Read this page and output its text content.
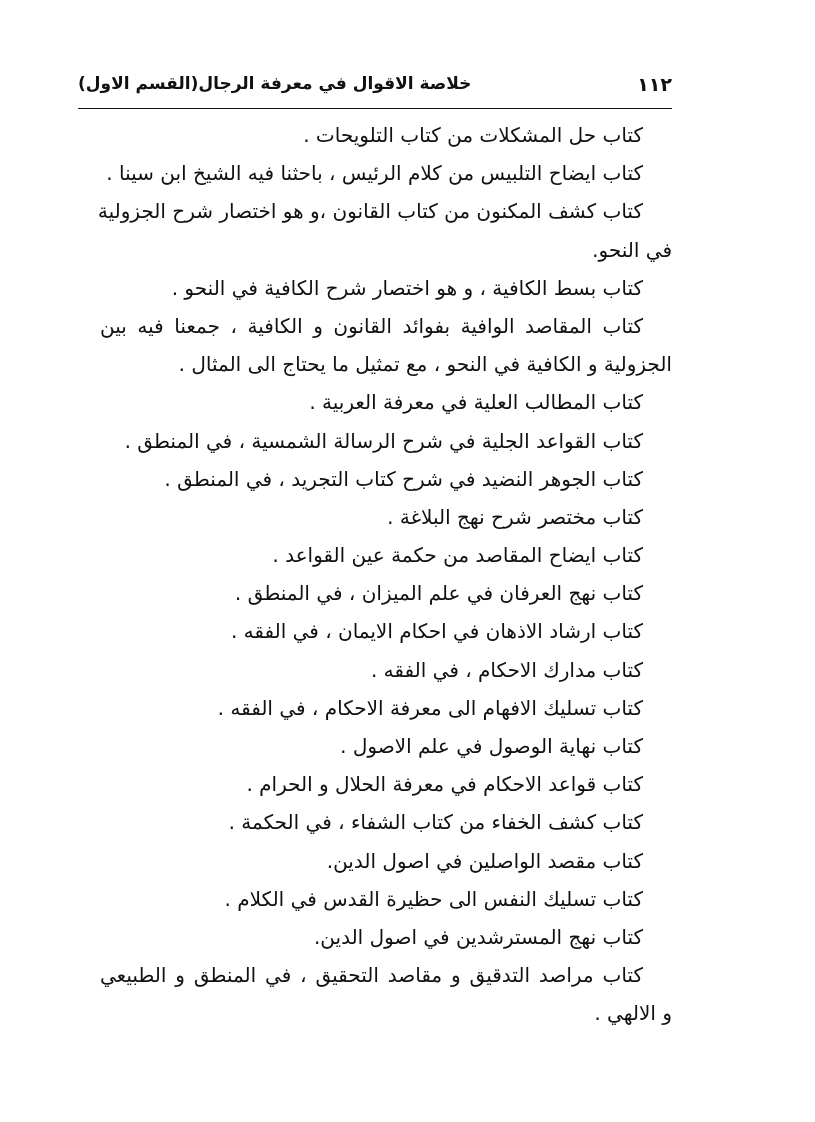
١١٢
خلاصة الاقوال في معرفة الرجال(القسم الاول)
كتاب حل المشكلات من كتاب التلويحات .
كتاب ايضاح التلبيس من كلام الرئيس ، باحثنا فيه الشيخ ابن سينا .
كتاب كشف المكنون من كتاب القانون ،و هو اختصار شرح الجزولية
في النحو.
كتاب بسط الكافية ، و هو اختصار شرح الكافية في النحو .
كتاب المقاصد الوافية بفوائد القانون و الكافية ، جمعنا فيه بين
الجزولية و الكافية في النحو ، مع تمثيل ما يحتاج الى المثال .
كتاب المطالب العلية في معرفة العربية .
كتاب القواعد الجلية في شرح الرسالة الشمسية ، في المنطق .
كتاب الجوهر النضيد في شرح كتاب التجريد ، في المنطق .
كتاب مختصر شرح نهج البلاغة .
كتاب ايضاح المقاصد من حكمة عين القواعد .
كتاب نهج العرفان في علم الميزان ، في المنطق .
كتاب ارشاد الاذهان في احكام الايمان ، في الفقه .
كتاب مدارك الاحكام ، في الفقه .
كتاب تسليك الافهام الى معرفة الاحكام ، في الفقه .
كتاب نهاية الوصول في علم الاصول .
كتاب قواعد الاحكام في معرفة الحلال و الحرام .
كتاب كشف الخفاء من كتاب الشفاء ، في الحكمة .
كتاب مقصد الواصلين في اصول الدين.
كتاب تسليك النفس الى حظيرة القدس في الكلام .
كتاب نهج المسترشدين في اصول الدين.
كتاب مراصد التدقيق و مقاصد التحقيق ، في المنطق و الطبيعي
و الالهي .
